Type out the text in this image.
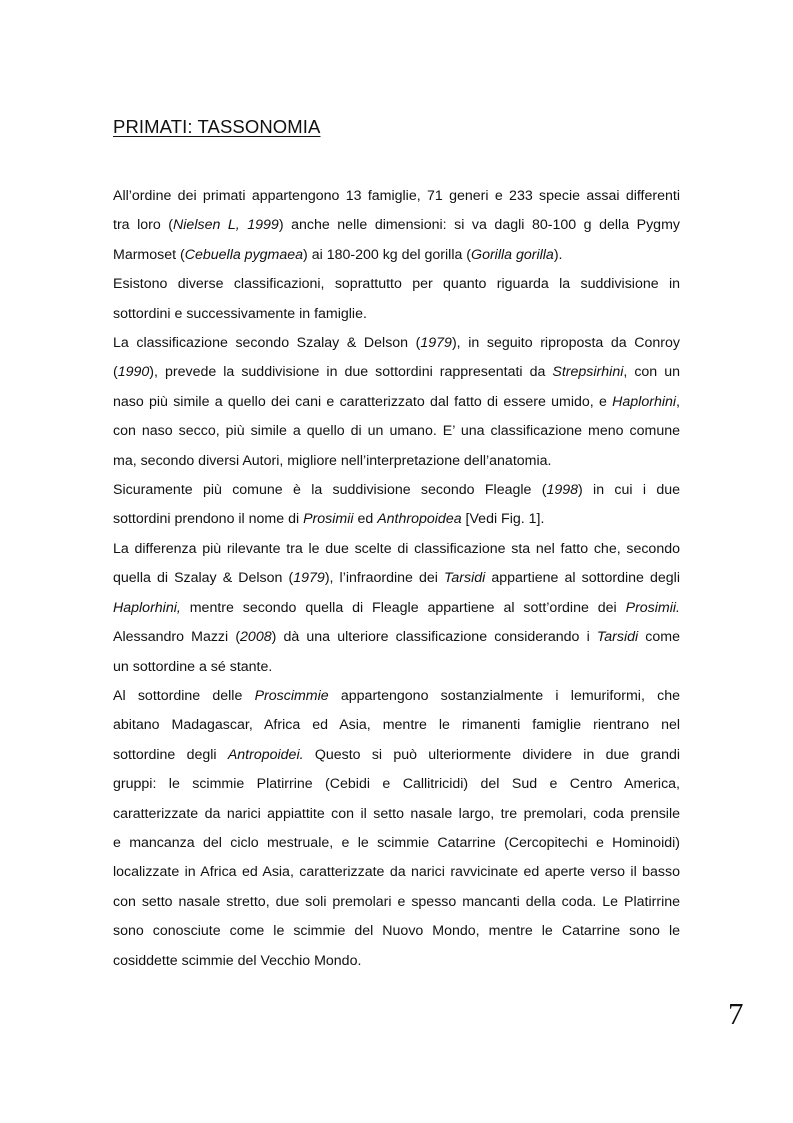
PRIMATI: TASSONOMIA

All’ordine dei primati appartengono 13 famiglie, 71 generi e 233 specie assai differenti

tra loro (Nielsen L, 1999) anche nelle dimensioni: si va dagli 80-100 g della Pygmy

Marmoset (Cebuella pygmaea) ai 180-200 kg del gorilla (Gorilla gorilla).

Esistono diverse classificazioni, soprattutto per quanto riguarda la suddivisione in

sottordini e successivamente in famiglie.

La classificazione secondo Szalay & Delson (1979), in seguito riproposta da Conroy

(1990), prevede la suddivisione in due sottordini rappresentati da Strepsirhini, con un

naso più simile a quello dei cani e caratterizzato dal fatto di essere umido, e Haplorhini,

con naso secco, più simile a quello di un umano. E’ una classificazione meno comune

ma, secondo diversi Autori, migliore nell’interpretazione dell’anatomia.

Sicuramente più comune è la suddivisione secondo Fleagle (1998) in cui i due

sottordini prendono il nome di Prosimii ed Anthropoidea [Vedi Fig. 1].

La differenza più rilevante tra le due scelte di classificazione sta nel fatto che, secondo

quella di Szalay & Delson (1979), l’infraordine dei Tarsidi appartiene al sottordine degli

Haplorhini, mentre secondo quella di Fleagle appartiene al sott’ordine dei Prosimii.

Alessandro Mazzi (2008) dà una ulteriore classificazione considerando i Tarsidi come

un sottordine a sé stante.

Al sottordine delle Proscimmie appartengono sostanzialmente i lemuriformi, che

abitano Madagascar, Africa ed Asia, mentre le rimanenti famiglie rientrano nel

sottordine degli Antropoidei. Questo si può ulteriormente dividere in due grandi

gruppi: le scimmie Platirrine (Cebidi e Callitricidi) del Sud e Centro America,

caratterizzate da narici appiattite con il setto nasale largo, tre premolari, coda prensile

e mancanza del ciclo mestruale, e le scimmie Catarrine (Cercopitechi e Hominoidi)

localizzate in Africa ed Asia, caratterizzate da narici ravvicinate ed aperte verso il basso

con setto nasale stretto, due soli premolari e spesso mancanti della coda. Le Platirrine

sono conosciute come le scimmie del Nuovo Mondo, mentre le Catarrine sono le

cosiddette scimmie del Vecchio Mondo.

7
